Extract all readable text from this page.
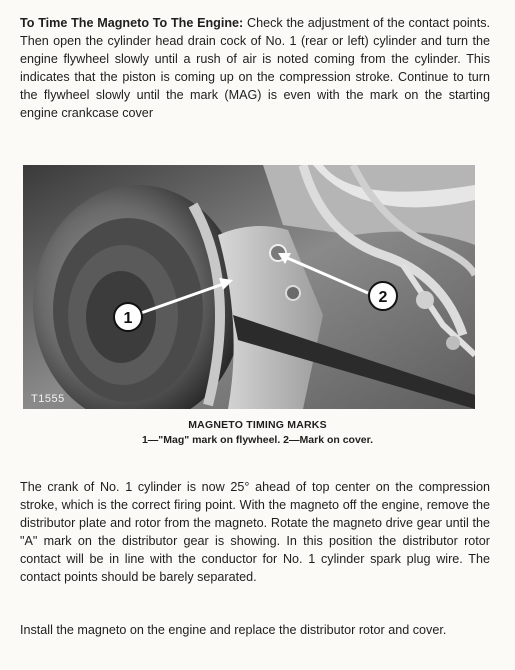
To Time The Magneto To The Engine: Check the adjustment of the contact points. Then open the cylinder head drain cock of No. 1 (rear or left) cylinder and turn the engine flywheel slowly until a rush of air is noted coming from the cylinder. This indicates that the piston is coming up on the compression stroke. Continue to turn the flywheel slowly until the mark (MAG) is even with the mark on the starting engine crankcase cover

1
2
T1555
MAGNETO TIMING MARKS
1—"Mag" mark on flywheel. 2—Mark on cover.

The crank of No. 1 cylinder is now 25° ahead of top center on the compression stroke, which is the correct firing point. With the magneto off the engine, remove the distributor plate and rotor from the magneto. Rotate the magneto drive gear until the "A" mark on the distributor gear is showing. In this position the distributor rotor contact will be in line with the conductor for No. 1 cylinder spark plug wire. The contact points should be barely separated.

Install the magneto on the engine and replace the distributor rotor and cover.
